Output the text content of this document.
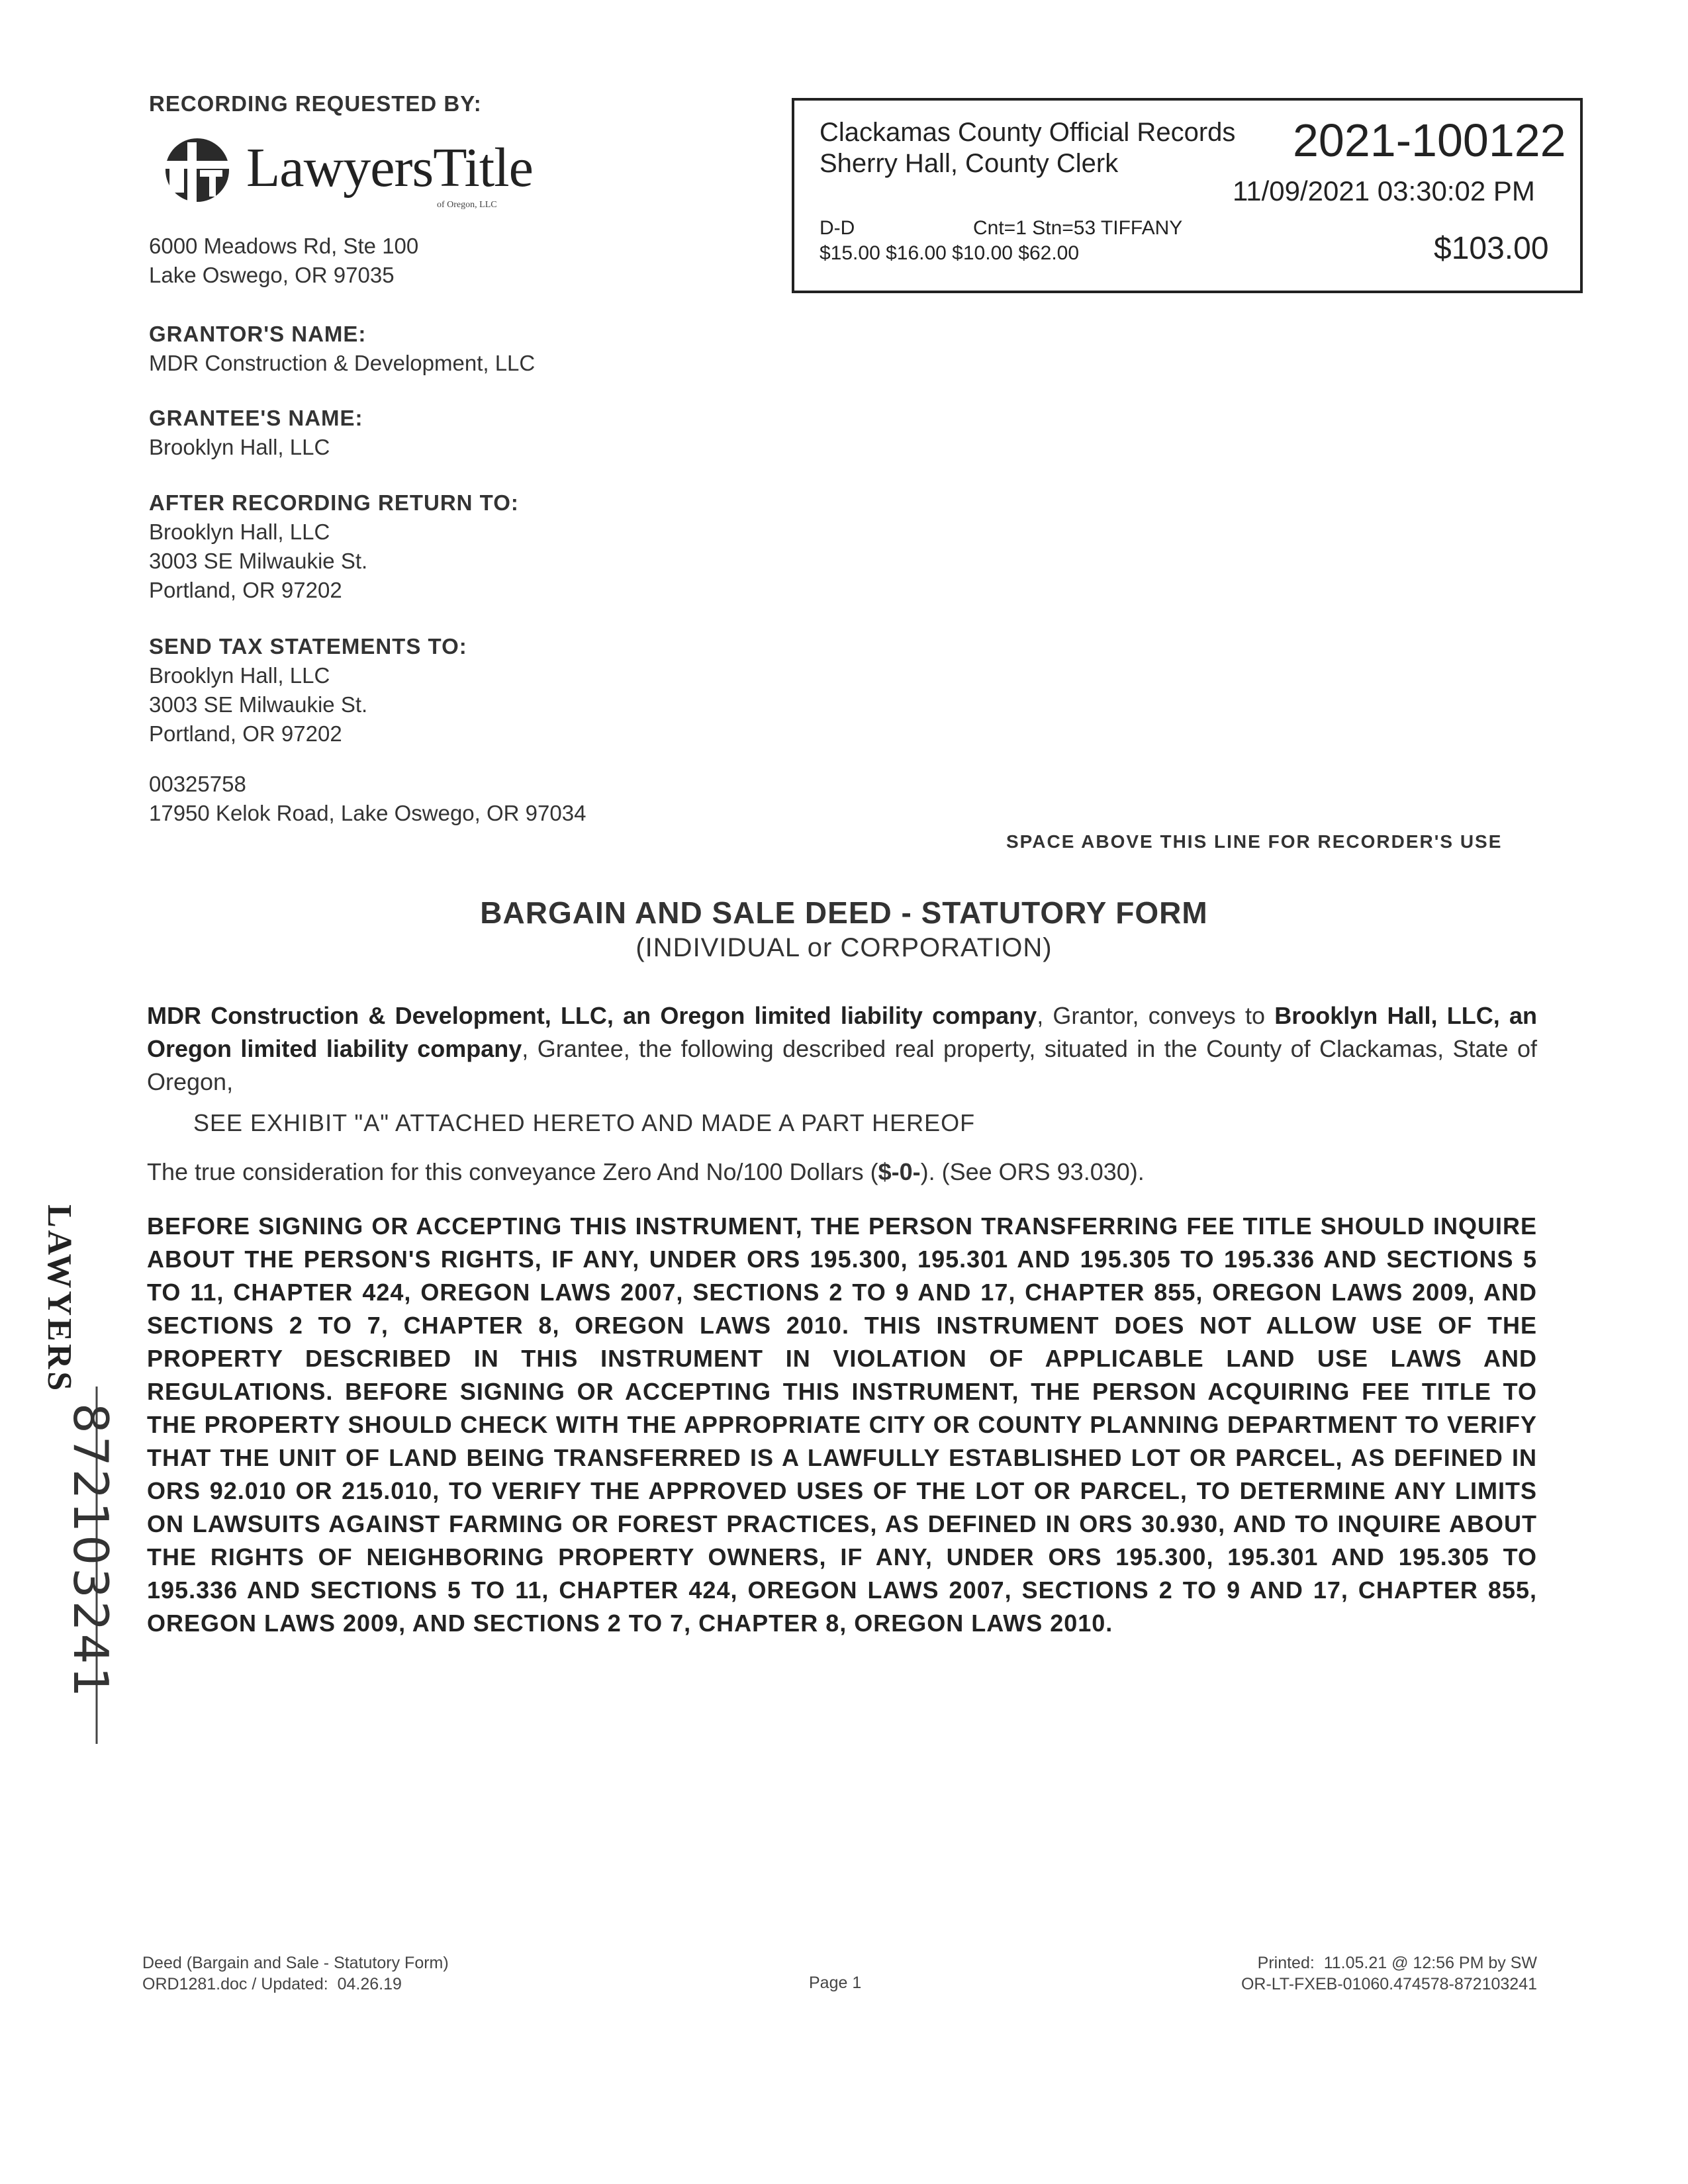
RECORDING REQUESTED BY:
LawyersTitle
of Oregon, LLC
6000 Meadows Rd, Ste 100
Lake Oswego, OR 97035
GRANTOR'S NAME:
MDR Construction & Development, LLC
GRANTEE'S NAME:
Brooklyn Hall, LLC
AFTER RECORDING RETURN TO:
Brooklyn Hall, LLC
3003 SE Milwaukie St.
Portland, OR 97202
SEND TAX STATEMENTS TO:
Brooklyn Hall, LLC
3003 SE Milwaukie St.
Portland, OR 97202
00325758
17950 Kelok Road, Lake Oswego, OR 97034
Clackamas County Official Records
Sherry Hall, County Clerk	2021-100122
11/09/2021 03:30:02 PM
D-D	Cnt=1 Stn=53 TIFFANY
$15.00 $16.00 $10.00 $62.00	$103.00
SPACE ABOVE THIS LINE FOR RECORDER'S USE
BARGAIN AND SALE DEED - STATUTORY FORM
(INDIVIDUAL or CORPORATION)
MDR Construction & Development, LLC, an Oregon limited liability company, Grantor, conveys to Brooklyn Hall, LLC, an Oregon limited liability company, Grantee, the following described real property, situated in the County of Clackamas, State of Oregon,
SEE EXHIBIT "A" ATTACHED HERETO AND MADE A PART HEREOF
The true consideration for this conveyance Zero And No/100 Dollars ($-0-). (See ORS 93.030).
BEFORE SIGNING OR ACCEPTING THIS INSTRUMENT, THE PERSON TRANSFERRING FEE TITLE SHOULD INQUIRE ABOUT THE PERSON'S RIGHTS, IF ANY, UNDER ORS 195.300, 195.301 AND 195.305 TO 195.336 AND SECTIONS 5 TO 11, CHAPTER 424, OREGON LAWS 2007, SECTIONS 2 TO 9 AND 17, CHAPTER 855, OREGON LAWS 2009, AND SECTIONS 2 TO 7, CHAPTER 8, OREGON LAWS 2010. THIS INSTRUMENT DOES NOT ALLOW USE OF THE PROPERTY DESCRIBED IN THIS INSTRUMENT IN VIOLATION OF APPLICABLE LAND USE LAWS AND REGULATIONS. BEFORE SIGNING OR ACCEPTING THIS INSTRUMENT, THE PERSON ACQUIRING FEE TITLE TO THE PROPERTY SHOULD CHECK WITH THE APPROPRIATE CITY OR COUNTY PLANNING DEPARTMENT TO VERIFY THAT THE UNIT OF LAND BEING TRANSFERRED IS A LAWFULLY ESTABLISHED LOT OR PARCEL, AS DEFINED IN ORS 92.010 OR 215.010, TO VERIFY THE APPROVED USES OF THE LOT OR PARCEL, TO DETERMINE ANY LIMITS ON LAWSUITS AGAINST FARMING OR FOREST PRACTICES, AS DEFINED IN ORS 30.930, AND TO INQUIRE ABOUT THE RIGHTS OF NEIGHBORING PROPERTY OWNERS, IF ANY, UNDER ORS 195.300, 195.301 AND 195.305 TO 195.336 AND SECTIONS 5 TO 11, CHAPTER 424, OREGON LAWS 2007, SECTIONS 2 TO 9 AND 17, CHAPTER 855, OREGON LAWS 2009, AND SECTIONS 2 TO 7, CHAPTER 8, OREGON LAWS 2010.
LAWYERS
872103241
Deed (Bargain and Sale - Statutory Form)
ORD1281.doc / Updated:  04.26.19	Page 1
Printed:  11.05.21 @ 12:56 PM by SW
OR-LT-FXEB-01060.474578-872103241
